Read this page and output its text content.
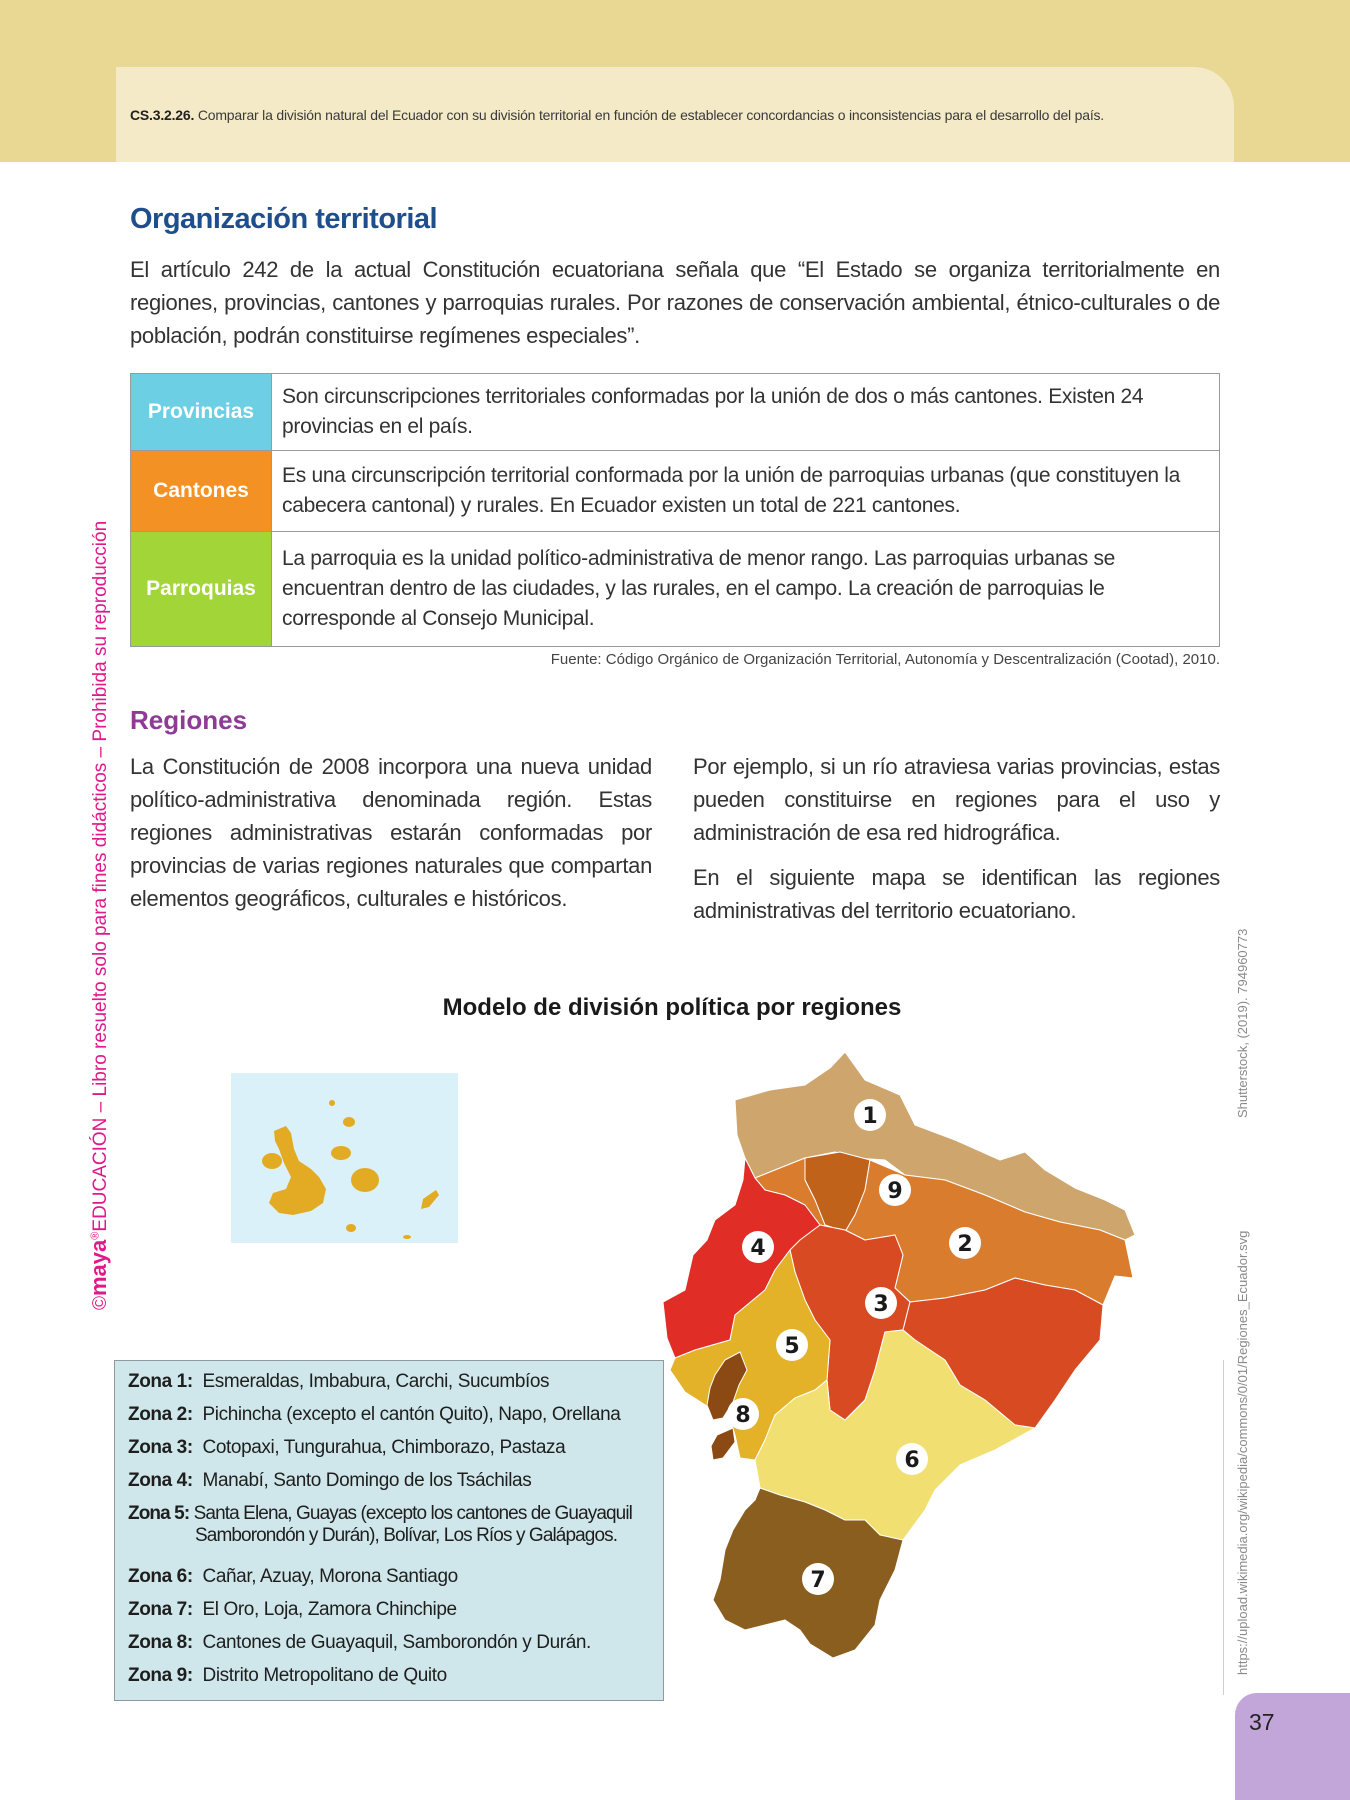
CS.3.2.26. Comparar la división natural del Ecuador con su división territorial en función de establecer concordancias o inconsistencias para el desarrollo del país.
©maya®EDUCACIÓN – Libro resuelto solo para fines didácticos – Prohibida su reproducción	Shutterstock, (2019). 794960773
https://upload.wikimedia.org/wikipedia/commons/0/01/Regiones_Ecuador.svg
Organización territorial
El artículo 242 de la actual Constitución ecuatoriana señala que “El Estado se organiza territorialmente en regiones, provincias, cantones y parroquias rurales. Por razones de conservación ambiental, étnico-culturales o de población, podrán constituirse regímenes especiales”.
Provincias	Son circunscripciones territoriales conformadas por la unión de dos o más cantones. Existen 24 provincias en el país.
Cantones	Es una circunscripción territorial conformada por la unión de parroquias urbanas (que constituyen la cabecera cantonal) y rurales. En Ecuador existen un total de 221 cantones.
Parroquias	La parroquia es la unidad político-administrativa de menor rango. Las parroquias urbanas se encuentran dentro de las ciudades, y las rurales, en el campo. La creación de parroquias le corresponde al Consejo Municipal.
Fuente: Código Orgánico de Organización Territorial, Autonomía y Descentralización (Cootad), 2010.
Regiones
La Constitución de 2008 incorpora una nueva unidad político-administrativa denominada región. Estas regiones administrativas estarán conformadas por provincias de varias regiones naturales que compartan elementos geográficos, culturales e históricos.

Por ejemplo, si un río atraviesa varias provincias, estas pueden constituirse en regiones para el uso y administración de esa red hidrográfica.

En el siguiente mapa se identifican las regiones administrativas del territorio ecuatoriano.

Modelo de división política por regiones
1
2
3
4
5
6
7
8
9
Zona 1: Esmeraldas, Imbabura, Carchi, Sucumbíos
Zona 2: Pichincha (excepto el cantón Quito), Napo, Orellana
Zona 3: Cotopaxi, Tungurahua, Chimborazo, Pastaza
Zona 4: Manabí, Santo Domingo de los Tsáchilas
Zona 5: Santa Elena, Guayas (excepto los cantones de Guayaquil
Samborondón y Durán), Bolívar, Los Ríos y Galápagos.
Zona 6: Cañar, Azuay, Morona Santiago
Zona 7: El Oro, Loja, Zamora Chinchipe
Zona 8: Cantones de Guayaquil, Samborondón y Durán.
Zona 9: Distrito Metropolitano de Quito
37
